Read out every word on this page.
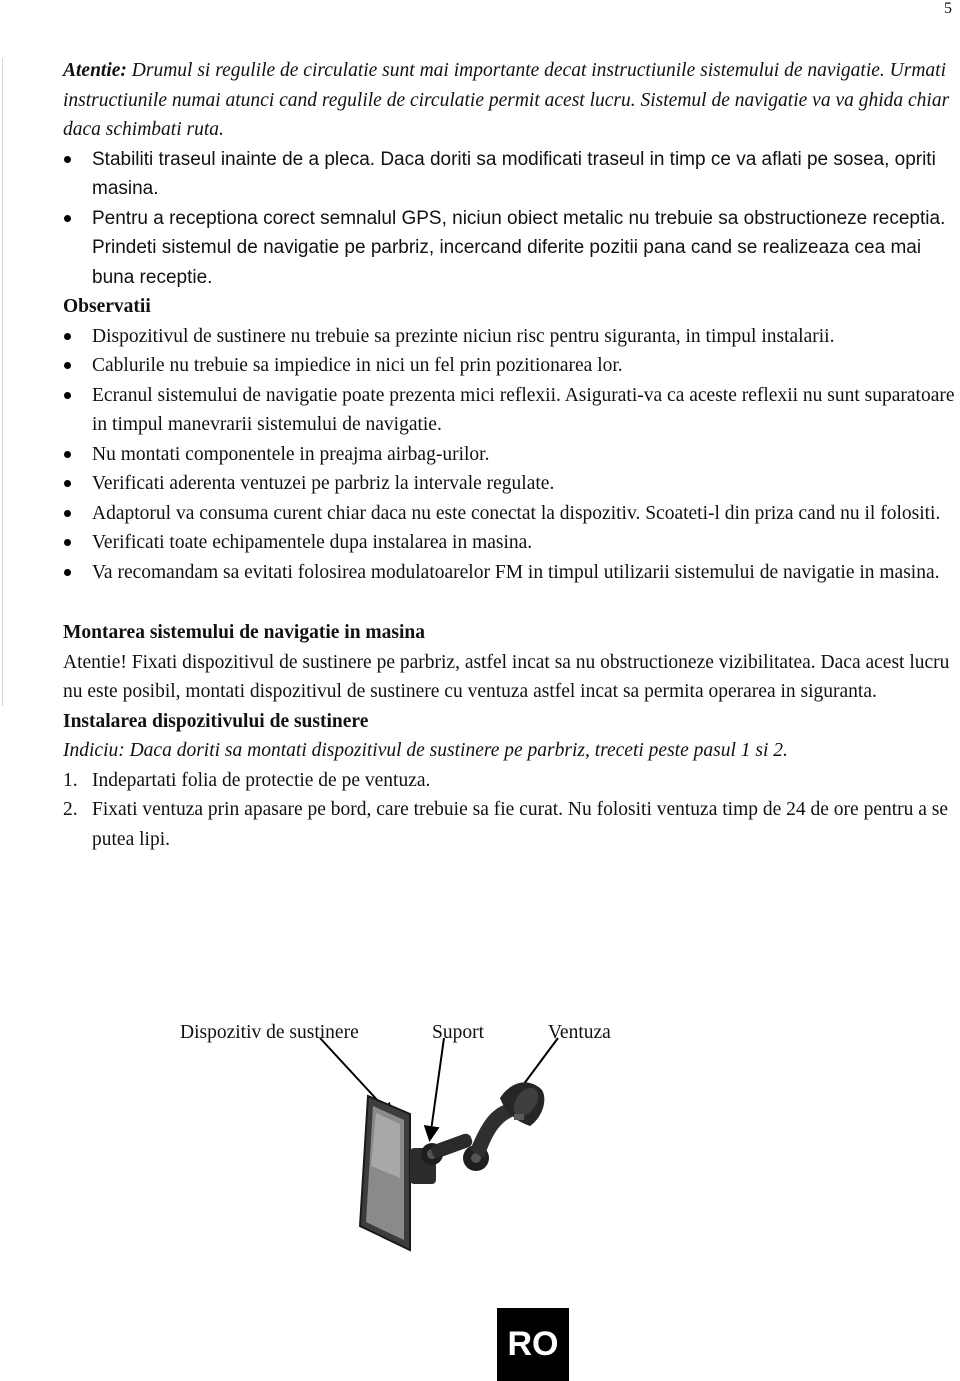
5
Atentie: Drumul si regulile de circulatie sunt mai importante decat instructiunile sistemului de navigatie. Urmati instructiunile numai atunci cand regulile de circulatie permit acest lucru. Sistemul de navigatie va va ghida chiar daca schimbati ruta.
Stabiliti traseul inainte de a pleca. Daca doriti sa modificati traseul in timp ce va aflati pe sosea, opriti masina.
Pentru a receptiona corect semnalul GPS, niciun obiect metalic nu trebuie sa obstructioneze receptia. Prindeti sistemul de navigatie pe parbriz, incercand diferite pozitii pana cand se realizeaza cea mai buna receptie.
Observatii
Dispozitivul de sustinere nu trebuie sa prezinte niciun risc pentru siguranta, in timpul instalarii.
Cablurile nu trebuie sa impiedice in nici un fel prin pozitionarea lor.
Ecranul sistemului de navigatie poate prezenta mici reflexii. Asigurati-va ca aceste reflexii nu sunt suparatoare in timpul manevrarii sistemului de navigatie.
Nu montati componentele in preajma airbag-urilor.
Verificati aderenta ventuzei pe parbriz la intervale regulate.
Adaptorul va consuma curent chiar daca nu este conectat la dispozitiv. Scoateti-l din priza cand nu il folositi.
Verificati toate echipamentele dupa instalarea in masina.
Va recomandam sa evitati folosirea modulatoarelor FM in timpul utilizarii sistemului de navigatie in masina.
Montarea sistemului de navigatie in masina
Atentie! Fixati dispozitivul de sustinere pe parbriz, astfel incat sa nu obstructioneze vizibilitatea. Daca acest lucru nu este posibil, montati dispozitivul de sustinere cu ventuza astfel incat sa permita operarea in siguranta.
Instalarea dispozitivului de sustinere
Indiciu: Daca doriti sa montati dispozitivul de sustinere pe parbriz, treceti peste pasul 1 si 2.
1. Indepartati folia de protectie de pe ventuza.
2. Fixati ventuza prin apasare pe bord, care trebuie sa fie curat. Nu folositi ventuza timp de 24 de ore pentru a se putea lipi.
Dispozitiv de sustinere	Suport	Ventuza
RO
